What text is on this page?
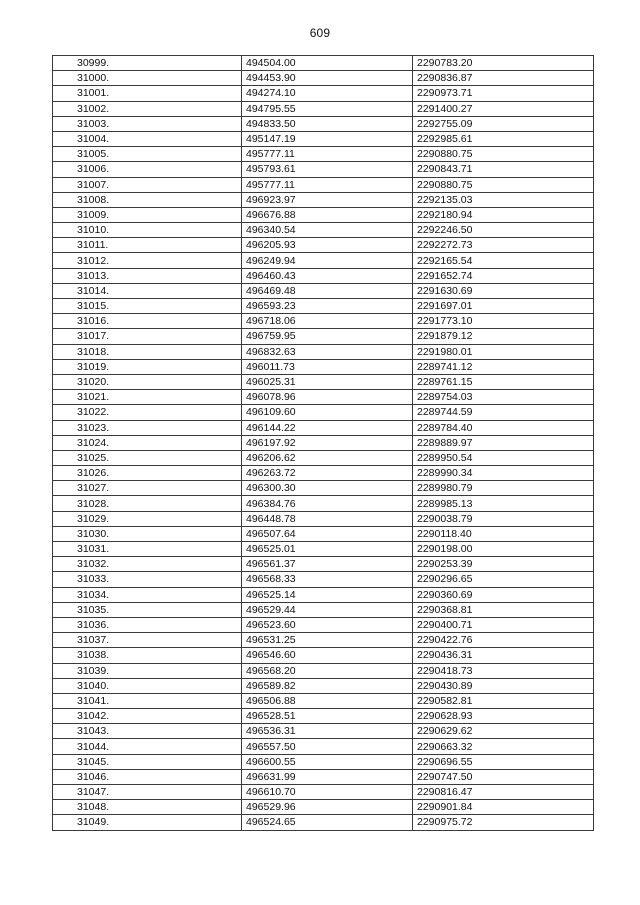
609
30999.	494504.00	2290783.20
31000.	494453.90	2290836.87
31001.	494274.10	2290973.71
31002.	494795.55	2291400.27
31003.	494833.50	2292755.09
31004.	495147.19	2292985.61
31005.	495777.11	2290880.75
31006.	495793.61	2290843.71
31007.	495777.11	2290880.75
31008.	496923.97	2292135.03
31009.	496676.88	2292180.94
31010.	496340.54	2292246.50
31011.	496205.93	2292272.73
31012.	496249.94	2292165.54
31013.	496460.43	2291652.74
31014.	496469.48	2291630.69
31015.	496593.23	2291697.01
31016.	496718.06	2291773.10
31017.	496759.95	2291879.12
31018.	496832.63	2291980.01
31019.	496011.73	2289741.12
31020.	496025.31	2289761.15
31021.	496078.96	2289754.03
31022.	496109.60	2289744.59
31023.	496144.22	2289784.40
31024.	496197.92	2289889.97
31025.	496206.62	2289950.54
31026.	496263.72	2289990.34
31027.	496300.30	2289980.79
31028.	496384.76	2289985.13
31029.	496448.78	2290038.79
31030.	496507.64	2290118.40
31031.	496525.01	2290198.00
31032.	496561.37	2290253.39
31033.	496568.33	2290296.65
31034.	496525.14	2290360.69
31035.	496529.44	2290368.81
31036.	496523.60	2290400.71
31037.	496531.25	2290422.76
31038.	496546.60	2290436.31
31039.	496568.20	2290418.73
31040.	496589.82	2290430.89
31041.	496506.88	2290582.81
31042.	496528.51	2290628.93
31043.	496536.31	2290629.62
31044.	496557.50	2290663.32
31045.	496600.55	2290696.55
31046.	496631.99	2290747.50
31047.	496610.70	2290816.47
31048.	496529.96	2290901.84
31049.	496524.65	2290975.72
